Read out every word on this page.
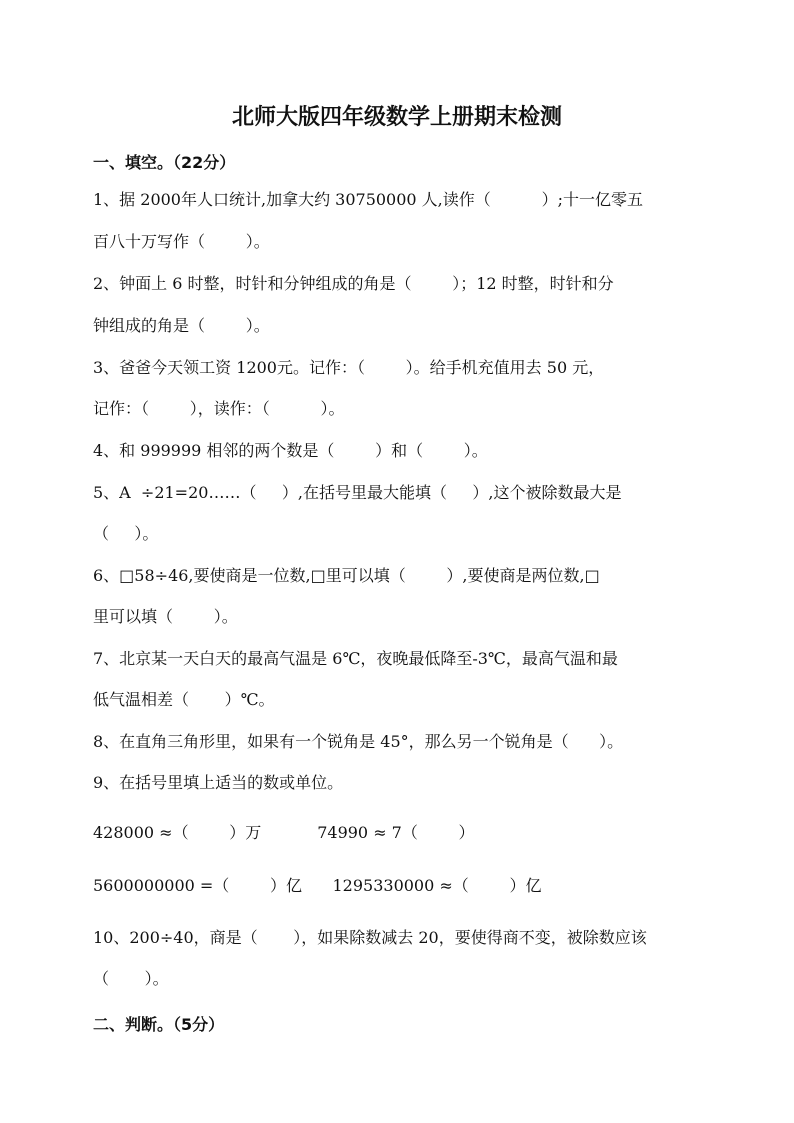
北师大版四年级数学上册期末检测
一、填空。（22分）
1、据 2000年人口统计,加拿大约 30750000 人,读作（          ）;十一亿零五
百八十万写作（        ）。
2、钟面上 6 时整，时针和分钟组成的角是（        ）；12 时整，时针和分
钟组成的角是（        ）。
3、爸爸今天领工资 1200元。记作：（        ）。给手机充值用去 50 元，
记作：（        ），读作：（          ）。
4、和 999999 相邻的两个数是（        ）和（        ）。
5、A  ÷21=20……（     ）,在括号里最大能填（     ）,这个被除数最大是
（     ）。
6、□58÷46,要使商是一位数,□里可以填（        ）,要使商是两位数,□
里可以填（        ）。
7、北京某一天白天的最高气温是 6℃，夜晚最低降至-3℃，最高气温和最
低气温相差（       ）℃。
8、在直角三角形里，如果有一个锐角是 45°，那么另一个锐角是（      ）。
9、在括号里填上适当的数或单位。
428000 ≈（        ）万           74990 ≈ 7（        ）
5600000000 =（        ）亿      1295330000 ≈（        ）亿
10、200÷40，商是（       ），如果除数减去 20，要使得商不变，被除数应该
（       ）。
二、判断。（5分）
